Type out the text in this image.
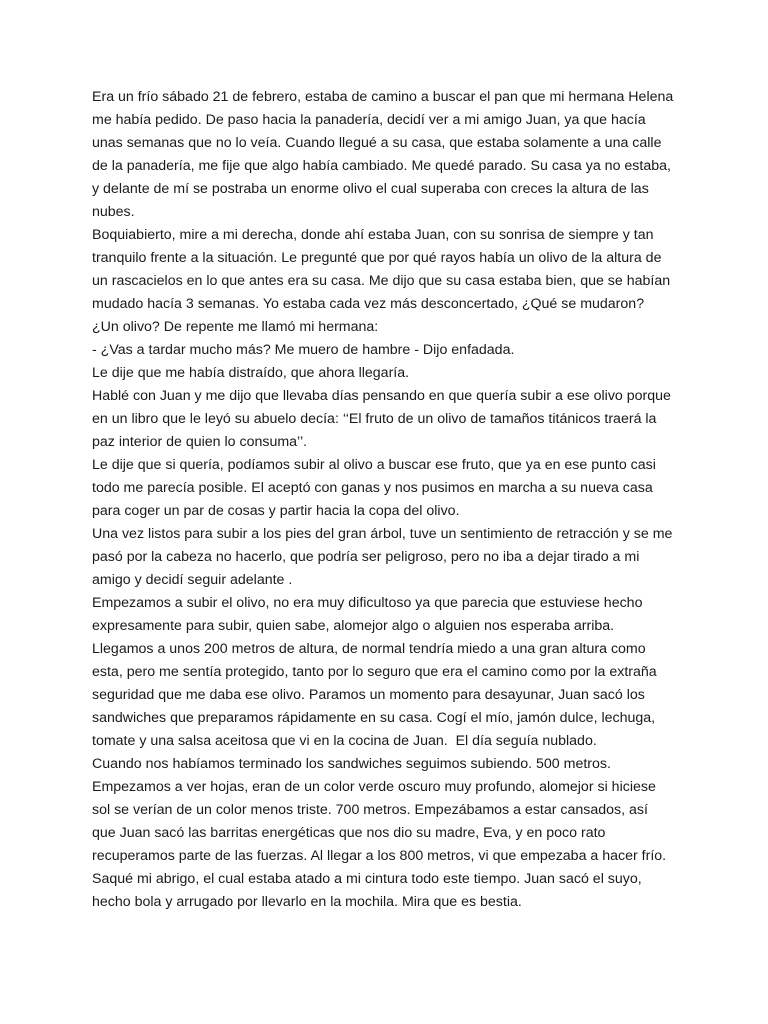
Era un frío sábado 21 de febrero, estaba de camino a buscar el pan que mi hermana Helena
me había pedido. De paso hacia la panadería, decidí ver a mi amigo Juan, ya que hacía
unas semanas que no lo veía. Cuando llegué a su casa, que estaba solamente a una calle
de la panadería, me fije que algo había cambiado. Me quedé parado. Su casa ya no estaba,
y delante de mí se postraba un enorme olivo el cual superaba con creces la altura de las
nubes.
Boquiabierto, mire a mi derecha, donde ahí estaba Juan, con su sonrisa de siempre y tan
tranquilo frente a la situación. Le pregunté que por qué rayos había un olivo de la altura de
un rascacielos en lo que antes era su casa. Me dijo que su casa estaba bien, que se habían
mudado hacía 3 semanas. Yo estaba cada vez más desconcertado, ¿Qué se mudaron?
¿Un olivo? De repente me llamó mi hermana:
- ¿Vas a tardar mucho más? Me muero de hambre - Dijo enfadada.
Le dije que me había distraído, que ahora llegaría.
Hablé con Juan y me dijo que llevaba días pensando en que quería subir a ese olivo porque
en un libro que le leyó su abuelo decía: ‘‘El fruto de un olivo de tamaños titánicos traerá la
paz interior de quien lo consuma’’.
Le dije que si quería, podíamos subir al olivo a buscar ese fruto, que ya en ese punto casi
todo me parecía posible. El aceptó con ganas y nos pusimos en marcha a su nueva casa
para coger un par de cosas y partir hacia la copa del olivo.
Una vez listos para subir a los pies del gran árbol, tuve un sentimiento de retracción y se me
pasó por la cabeza no hacerlo, que podría ser peligroso, pero no iba a dejar tirado a mi
amigo y decidí seguir adelante .
Empezamos a subir el olivo, no era muy dificultoso ya que parecia que estuviese hecho
expresamente para subir, quien sabe, alomejor algo o alguien nos esperaba arriba.
Llegamos a unos 200 metros de altura, de normal tendría miedo a una gran altura como
esta, pero me sentía protegido, tanto por lo seguro que era el camino como por la extraña
seguridad que me daba ese olivo. Paramos un momento para desayunar, Juan sacó los
sandwiches que preparamos rápidamente en su casa. Cogí el mío, jamón dulce, lechuga,
tomate y una salsa aceitosa que vi en la cocina de Juan.  El día seguía nublado.
Cuando nos habíamos terminado los sandwiches seguimos subiendo. 500 metros.
Empezamos a ver hojas, eran de un color verde oscuro muy profundo, alomejor si hiciese
sol se verían de un color menos triste. 700 metros. Empezábamos a estar cansados, así
que Juan sacó las barritas energéticas que nos dio su madre, Eva, y en poco rato
recuperamos parte de las fuerzas. Al llegar a los 800 metros, vi que empezaba a hacer frío.
Saqué mi abrigo, el cual estaba atado a mi cintura todo este tiempo. Juan sacó el suyo,
hecho bola y arrugado por llevarlo en la mochila. Mira que es bestia.
